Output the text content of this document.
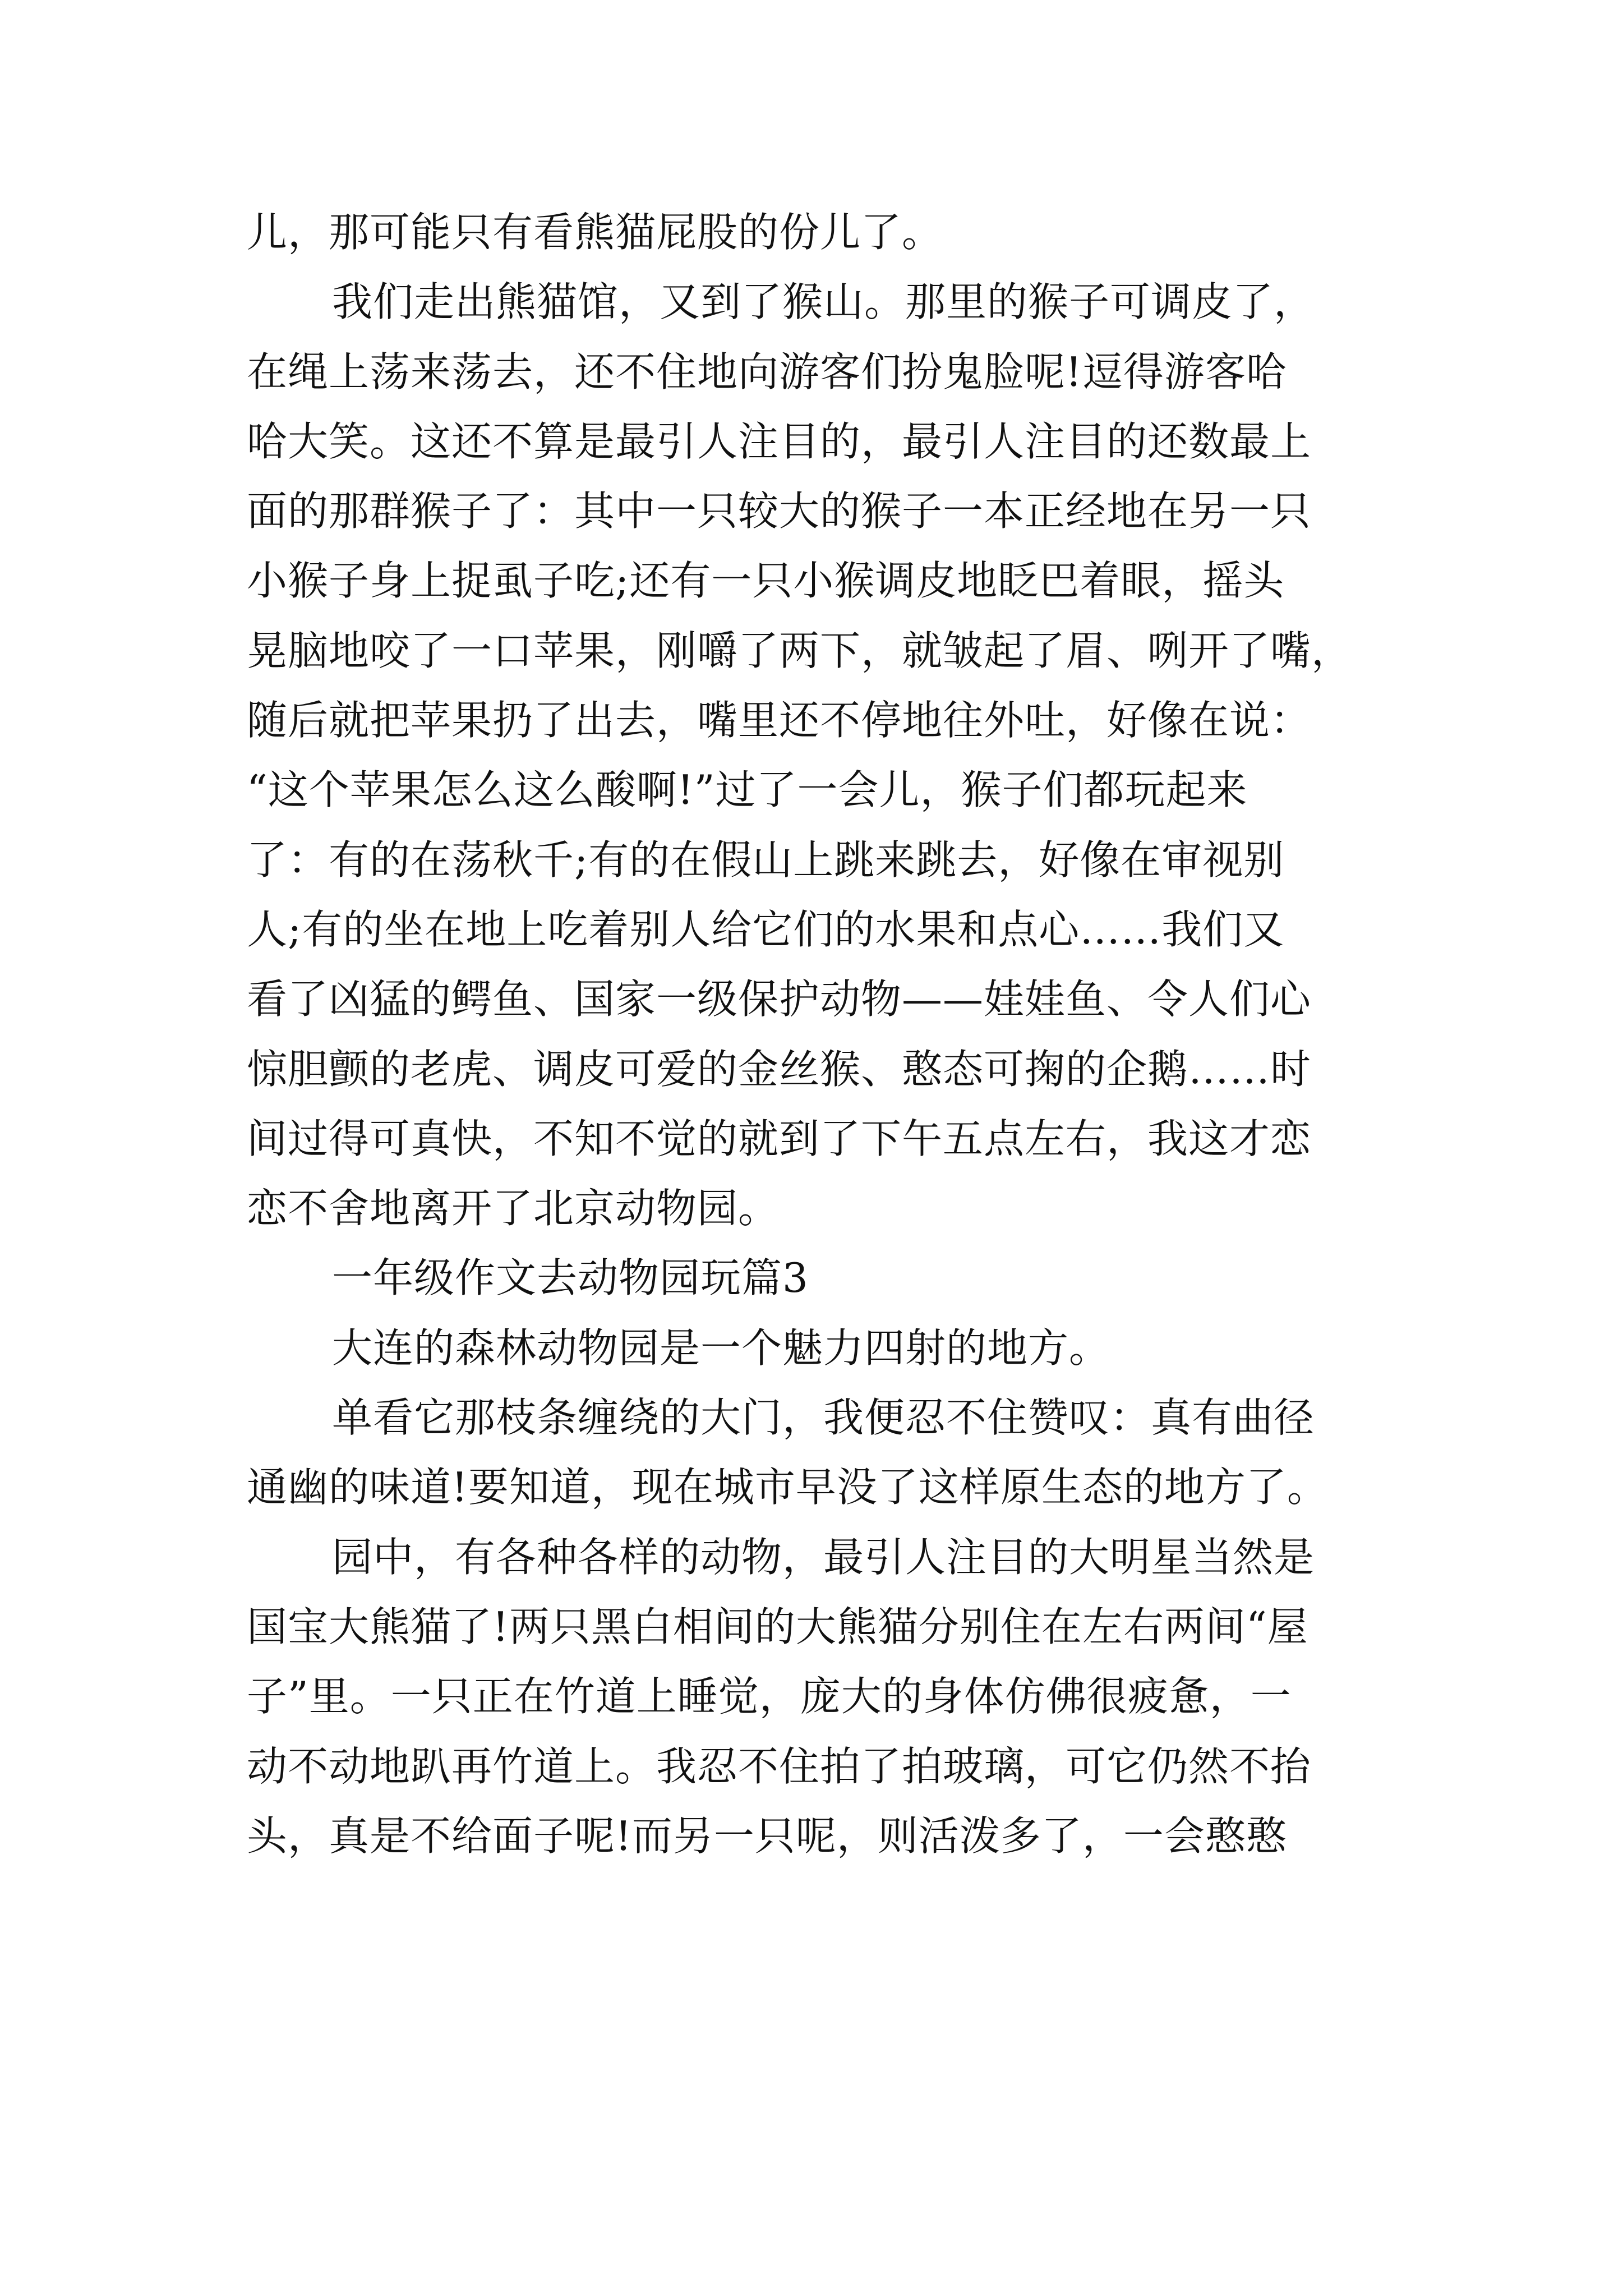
儿，那可能只有看熊猫屁股的份儿了。
我们走出熊猫馆，又到了猴山。那里的猴子可调皮了，
在绳上荡来荡去，还不住地向游客们扮鬼脸呢!逗得游客哈
哈大笑。这还不算是最引人注目的，最引人注目的还数最上
面的那群猴子了：其中一只较大的猴子一本正经地在另一只
小猴子身上捉虱子吃;还有一只小猴调皮地眨巴着眼，摇头
晃脑地咬了一口苹果，刚嚼了两下，就皱起了眉、咧开了嘴，
随后就把苹果扔了出去，嘴里还不停地往外吐，好像在说：
“这个苹果怎么这么酸啊!”过了一会儿，猴子们都玩起来
了：有的在荡秋千;有的在假山上跳来跳去，好像在审视别
人;有的坐在地上吃着别人给它们的水果和点心……我们又
看了凶猛的鳄鱼、国家一级保护动物——娃娃鱼、令人们心
惊胆颤的老虎、调皮可爱的金丝猴、憨态可掬的企鹅……时
间过得可真快，不知不觉的就到了下午五点左右，我这才恋
恋不舍地离开了北京动物园。
一年级作文去动物园玩篇3
大连的森林动物园是一个魅力四射的地方。
单看它那枝条缠绕的大门，我便忍不住赞叹：真有曲径
通幽的味道!要知道，现在城市早没了这样原生态的地方了。
园中，有各种各样的动物，最引人注目的大明星当然是
国宝大熊猫了!两只黑白相间的大熊猫分别住在左右两间“屋
子”里。一只正在竹道上睡觉，庞大的身体仿佛很疲惫，一
动不动地趴再竹道上。我忍不住拍了拍玻璃，可它仍然不抬
头，真是不给面子呢!而另一只呢，则活泼多了，一会憨憨
